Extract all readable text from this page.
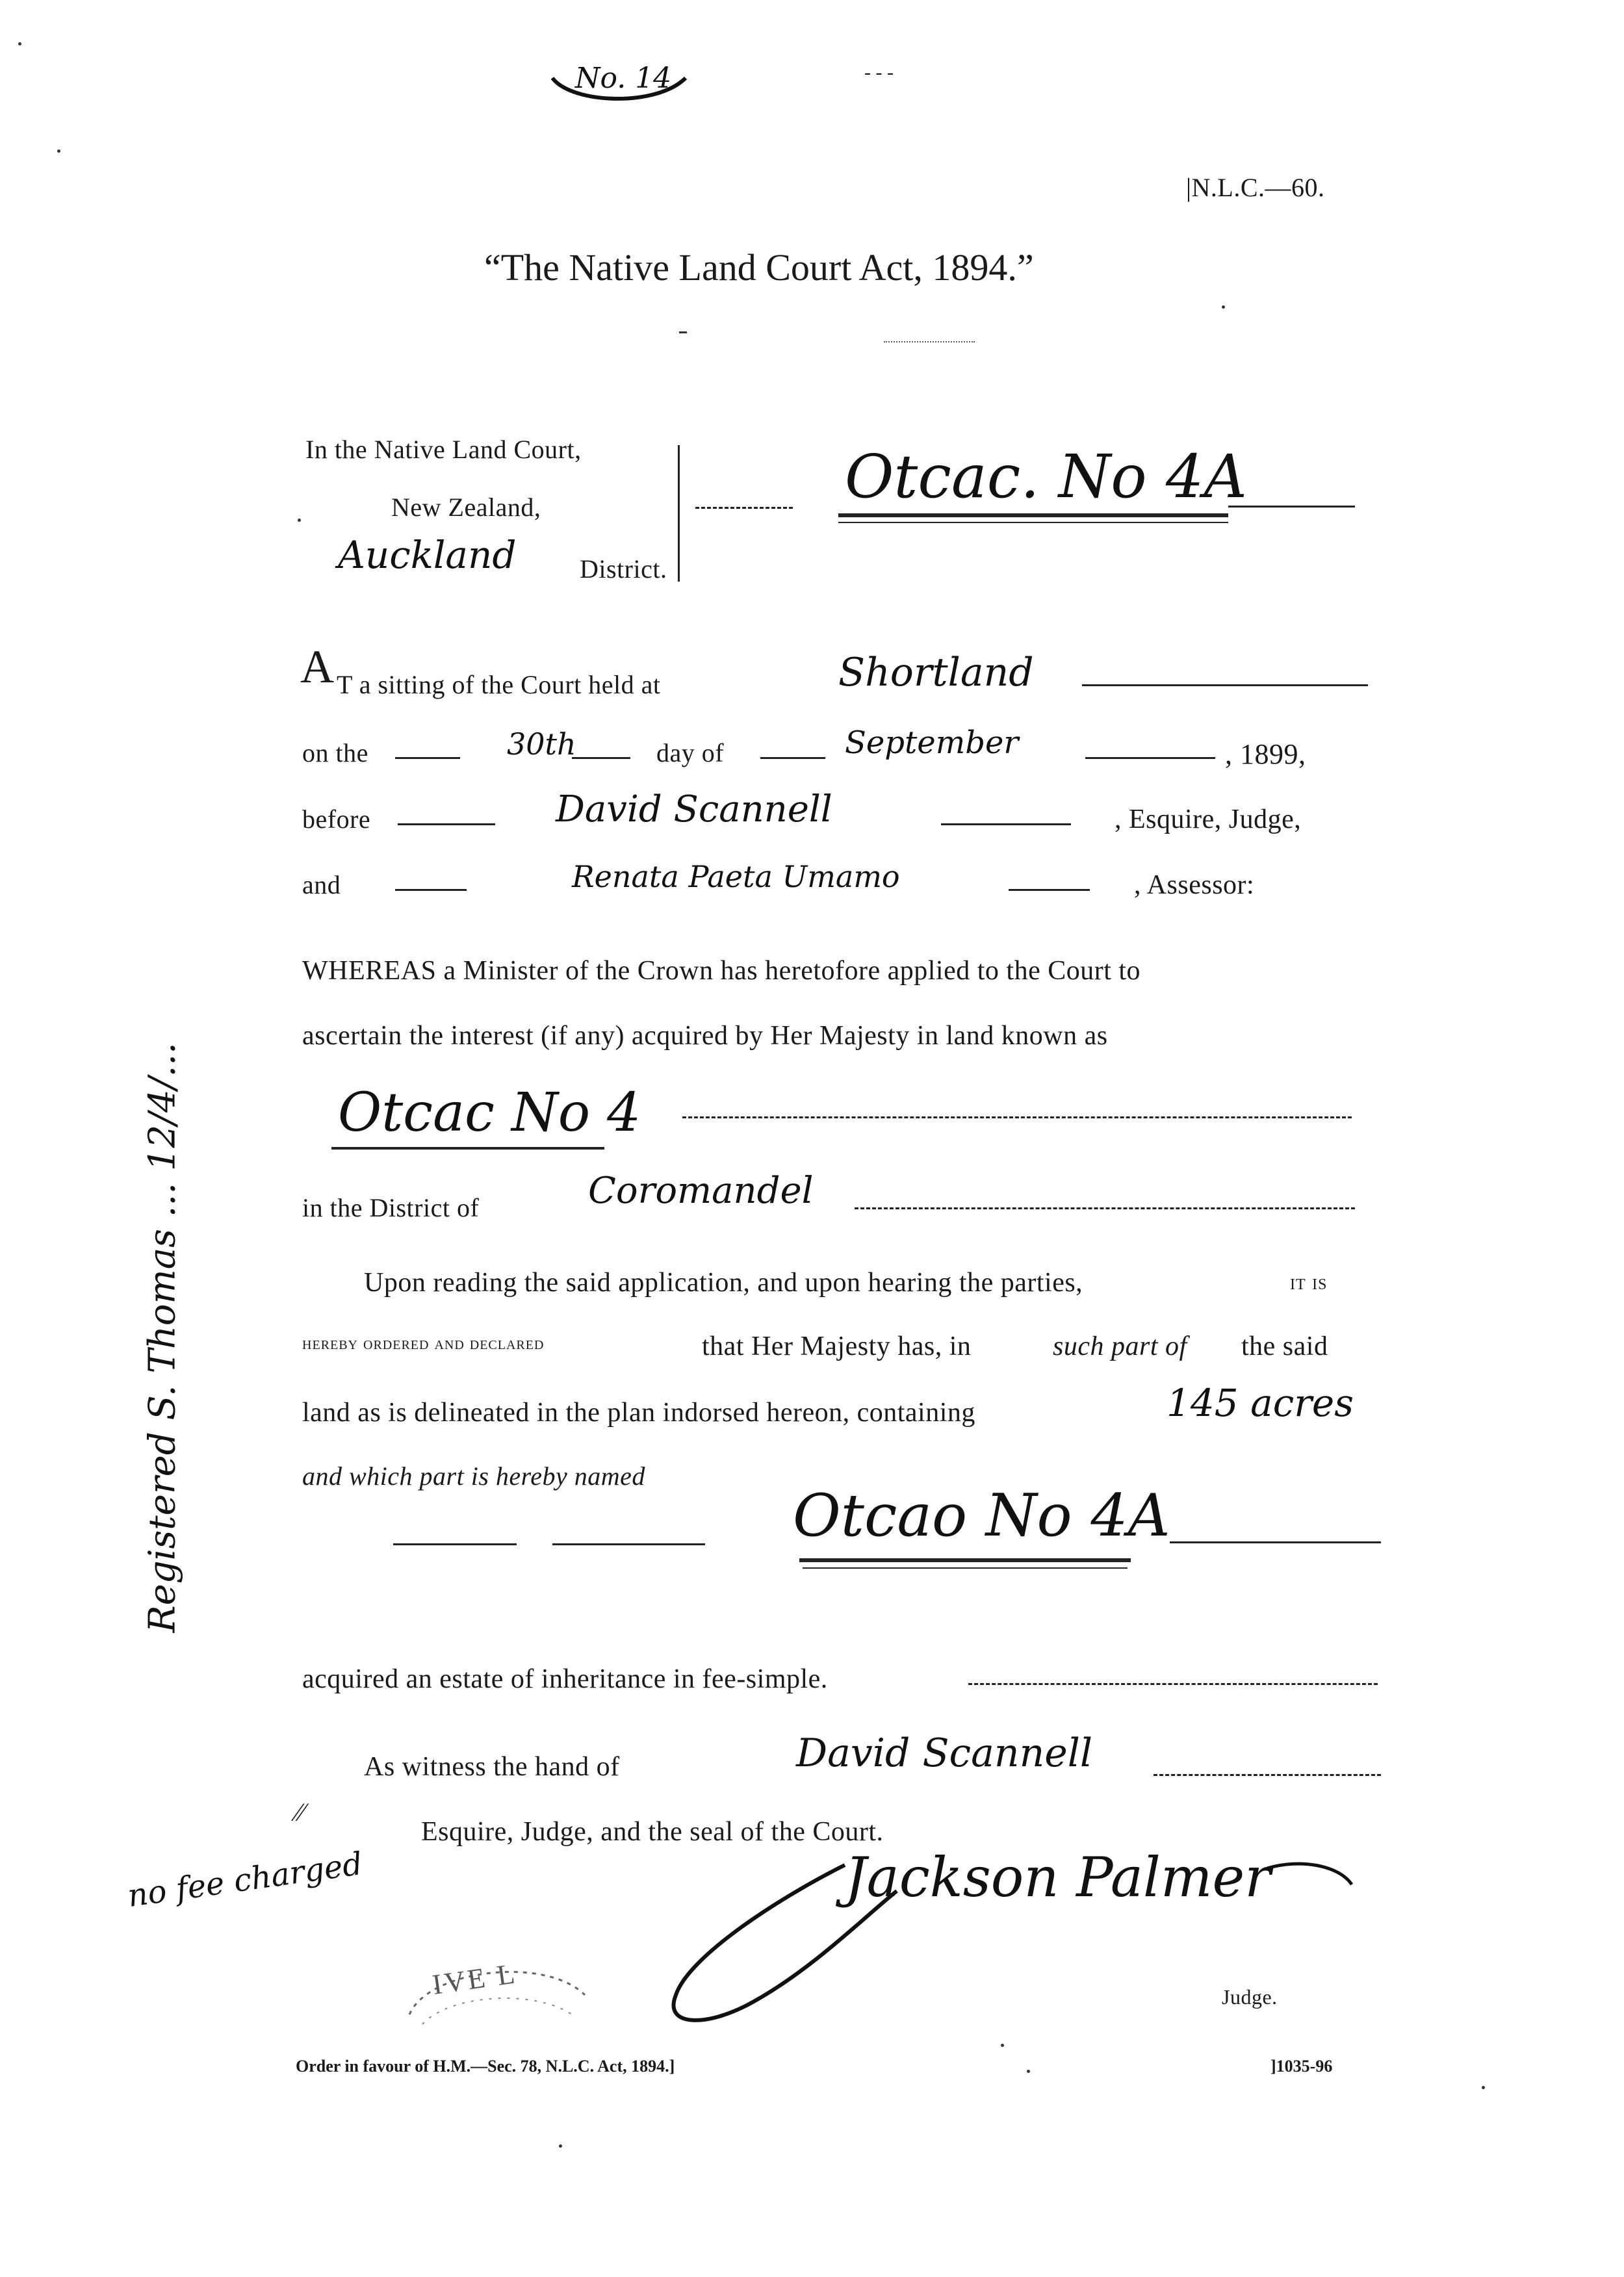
No. 14	- - -
|N.L.C.—60.
“The Native Land Court Act, 1894.”
In the Native Land Court,
New Zealand,
Auckland District.
Otcac. No 4A
A T a sitting of the Court held at	Shortland
on the	30th	day of	September	, 1899,
before	David Scannell	, Esquire, Judge,
and	Renata Paeta Umamo	, Assessor:
WHEREAS a Minister of the Crown has heretofore applied to the Court to
ascertain the interest (if any) acquired by Her Majesty in land known as
Otcac No 4
in the District of	Coromandel
Upon reading the said application, and upon hearing the parties,	it is
hereby ordered and declared	that Her Majesty has, in	such part of the said
land as is delineated in the plan indorsed hereon, containing	145 acres
and which part is hereby named
Otcao No 4A
acquired an estate of inheritance in fee-simple.
As witness the hand of	David Scannell
Esquire, Judge, and the seal of the Court.
Jackson Palmer
Judge.
Registered S. Thomas ... 12/4/...
no fee charged
⁄⁄
IVE L
Order in favour of H.M.—Sec. 78, N.L.C. Act, 1894.]	]1035-96
